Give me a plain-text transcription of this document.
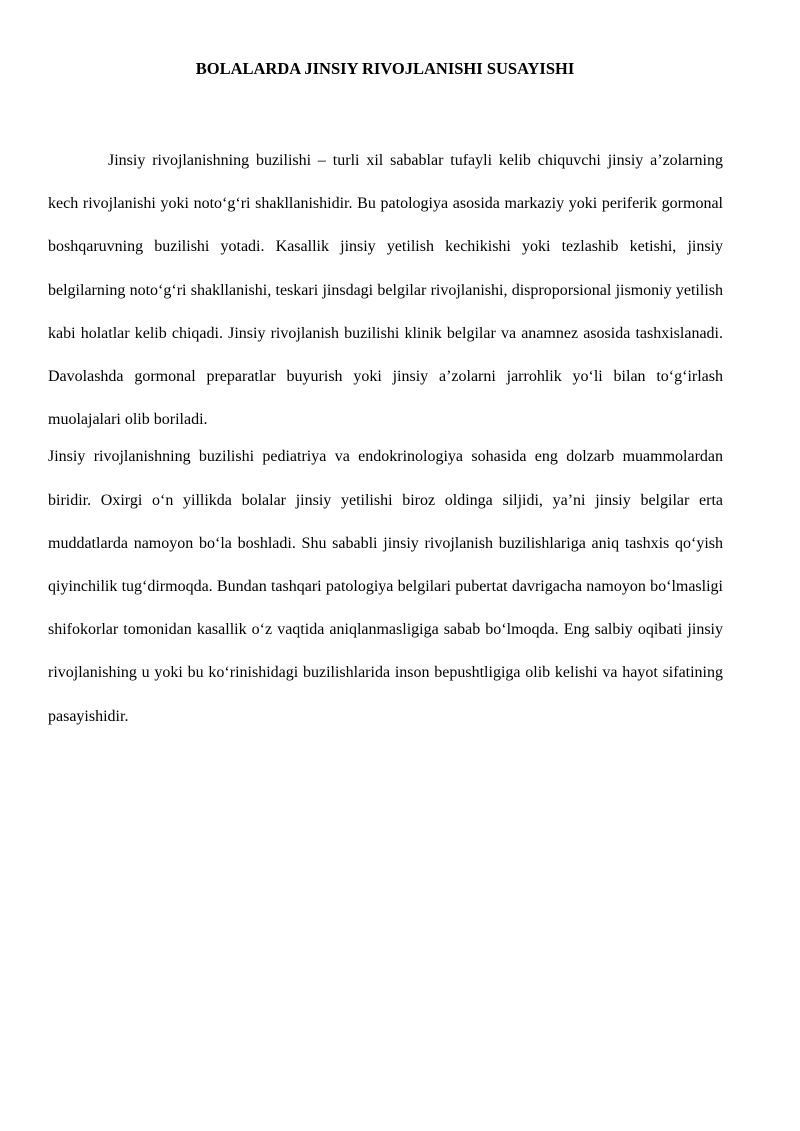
BOLALARDA JINSIY RIVOJLANISHI SUSAYISHI

Jinsiy rivojlanishning buzilishi – turli xil sabablar tufayli kelib chiquvchi jinsiy a’zolarning kech rivojlanishi yoki noto‘g‘ri shakllanishidir. Bu patologiya asosida markaziy yoki periferik gormonal boshqaruvning buzilishi yotadi. Kasallik jinsiy yetilish kechikishi yoki tezlashib ketishi, jinsiy belgilarning noto‘g‘ri shakllanishi, teskari jinsdagi belgilar rivojlanishi, disproporsional jismoniy yetilish kabi holatlar kelib chiqadi. Jinsiy rivojlanish buzilishi klinik belgilar va anamnez asosida tashxislanadi. Davolashda gormonal preparatlar buyurish yoki jinsiy a’zolarni jarrohlik yo‘li bilan to‘g‘irlash muolajalari olib boriladi.

Jinsiy rivojlanishning buzilishi pediatriya va endokrinologiya sohasida eng dolzarb muammolardan biridir. Oxirgi o‘n yillikda bolalar jinsiy yetilishi biroz oldinga siljidi, ya’ni jinsiy belgilar erta muddatlarda namoyon bo‘la boshladi. Shu sababli jinsiy rivojlanish buzilishlariga aniq tashxis qo‘yish qiyinchilik tug‘dirmoqda. Bundan tashqari patologiya belgilari pubertat davrigacha namoyon bo‘lmasligi shifokorlar tomonidan kasallik o‘z vaqtida aniqlanmasligiga sabab bo‘lmoqda. Eng salbiy oqibati jinsiy rivojlanishing u yoki bu ko‘rinishidagi buzilishlarida inson bepushtligiga olib kelishi va hayot sifatining pasayishidir.
